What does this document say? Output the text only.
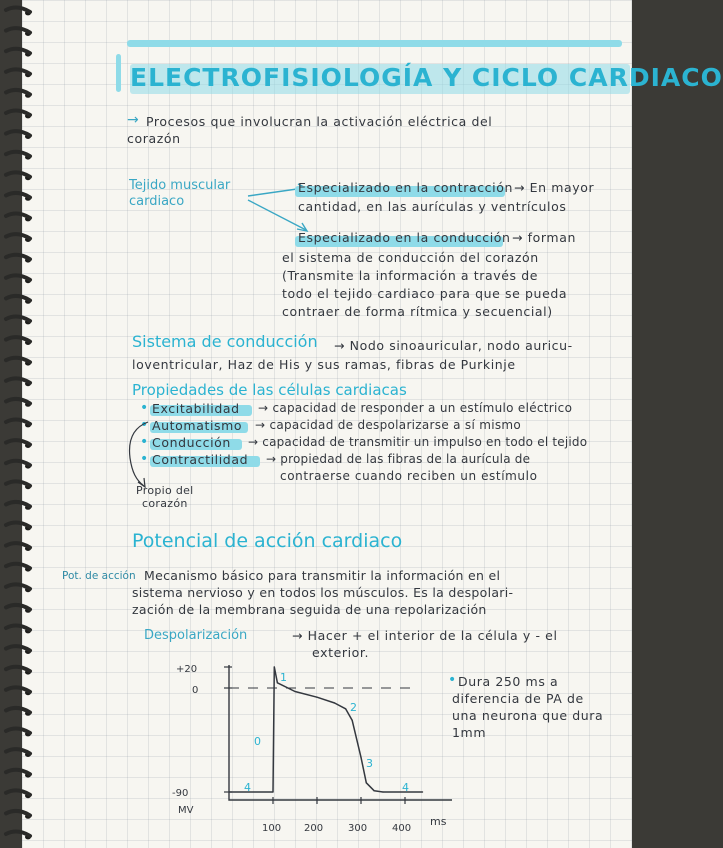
ELECTROFISIOLOGÍA Y CICLO CARDIACO
→ Procesos que involucran la activación eléctrica del
corazón
Tejido muscular
cardiaco
Especializado en la contracción → En mayor
cantidad, en las aurículas y ventrículos
Especializado en la conducción → forman
el sistema de conducción del corazón
(Transmite la información a través de
todo el tejido cardiaco para que se pueda
contraer de forma rítmica y secuencial)
Sistema de conducción → Nodo sinoauricular, nodo auricu-
loventricular, Haz de His y sus ramas, fibras de Purkinje
Propiedades de las células cardiacas
• Excitabilidad → capacidad de responder a un estímulo eléctrico
• Automatismo → capacidad de despolarizarse a sí mismo
• Conducción → capacidad de transmitir un impulso en todo el tejido
• Contractilidad → propiedad de las fibras de la aurícula de
contraerse cuando reciben un estímulo
Propio del
corazón
Potencial de acción cardiaco
Pot. de acción Mecanismo básico para transmitir la información en el
sistema nervioso y en todos los músculos. Es la despolari-
zación de la membrana seguida de una repolarización
Despolarización	→ Hacer + el interior de la célula y - el
exterior.
• Dura 250 ms a
diferencia de PA de
una neurona que dura
1mm
+20
0
-90
MV
ms
100 200 300 400
0
1
2
3
4	4
